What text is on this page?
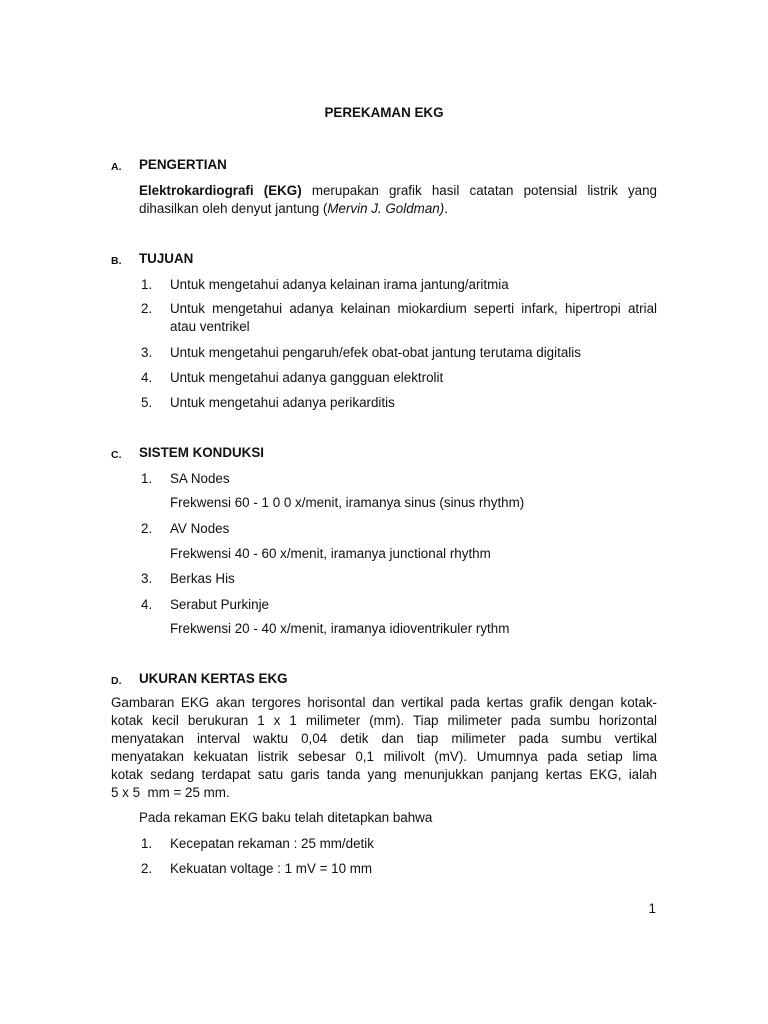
PEREKAMAN EKG
A. PENGERTIAN
Elektrokardiografi (EKG) merupakan grafik hasil catatan potensial listrik yang
dihasilkan oleh denyut jantung (Mervin J. Goldman).
B. TUJUAN
1. Untuk mengetahui adanya kelainan irama jantung/aritmia
2. Untuk mengetahui adanya kelainan miokardium seperti infark, hipertropi atrial atau ventrikel
3. Untuk mengetahui pengaruh/efek obat-obat jantung terutama digitalis
4. Untuk mengetahui adanya gangguan elektrolit
5. Untuk mengetahui adanya perikarditis
C. SISTEM KONDUKSI
1. SA Nodes
Frekwensi 60 - 1 0 0 x/menit, iramanya sinus (sinus rhythm)
2. AV Nodes
Frekwensi 40 - 60 x/menit, iramanya junctional rhythm
3. Berkas His
4. Serabut Purkinje
Frekwensi 20 - 40 x/menit, iramanya idioventrikuler rythm
D. UKURAN KERTAS EKG
Gambaran EKG akan tergores horisontal dan vertikal pada kertas grafik dengan kotak-
kotak kecil berukuran 1 x 1 milimeter (mm). Tiap milimeter pada sumbu horizontal
menyatakan interval waktu 0,04 detik dan tiap milimeter pada sumbu vertikal
menyatakan kekuatan listrik sebesar 0,1 milivolt (mV). Umumnya pada setiap lima
kotak sedang terdapat satu garis tanda yang menunjukkan panjang kertas EKG, ialah
5 x 5  mm = 25 mm.
Pada rekaman EKG baku telah ditetapkan bahwa
1. Kecepatan rekaman : 25 mm/detik
2. Kekuatan voltage : 1 mV = 10 mm
1
